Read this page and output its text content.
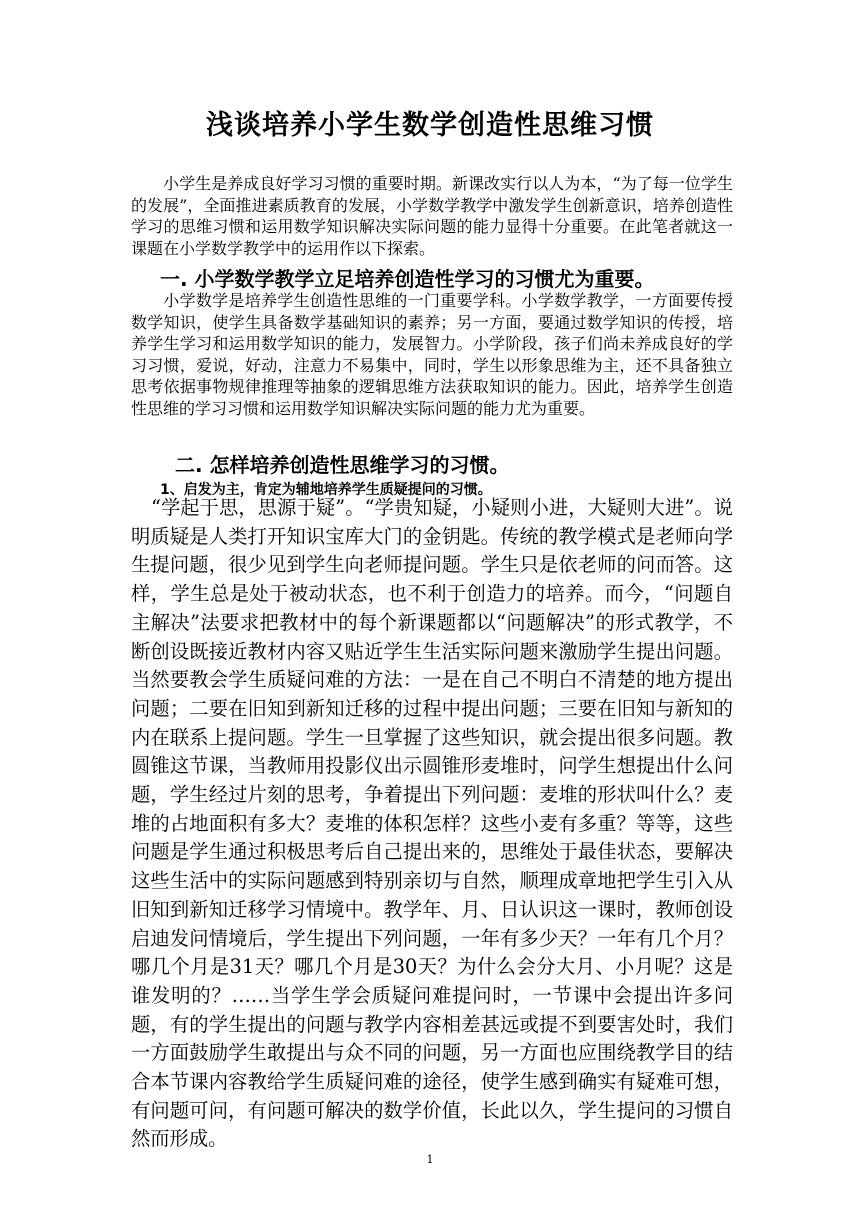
浅谈培养小学生数学创造性思维习惯

小学生是养成良好学习习惯的重要时期。新课改实行以人为本，“为了每一位学生的发展”，全面推进素质教育的发展，小学数学教学中激发学生创新意识，培养创造性学习的思维习惯和运用数学知识解决实际问题的能力显得十分重要。在此笔者就这一课题在小学数学教学中的运用作以下探索。

一. 小学数学教学立足培养创造性学习的习惯尤为重要。

小学数学是培养学生创造性思维的一门重要学科。小学数学教学，一方面要传授数学知识，使学生具备数学基础知识的素养；另一方面，要通过数学知识的传授，培养学生学习和运用数学知识的能力，发展智力。小学阶段，孩子们尚未养成良好的学习习惯，爱说，好动，注意力不易集中，同时，学生以形象思维为主，还不具备独立思考依据事物规律推理等抽象的逻辑思维方法获取知识的能力。因此，培养学生创造性思维的学习习惯和运用数学知识解决实际问题的能力尤为重要。

二. 怎样培养创造性思维学习的习惯。
1、启发为主，肯定为辅地培养学生质疑提问的习惯。

“学起于思，思源于疑”。“学贵知疑，小疑则小进，大疑则大进”。说明质疑是人类打开知识宝库大门的金钥匙。传统的教学模式是老师向学生提问题，很少见到学生向老师提问题。学生只是依老师的问而答。这样，学生总是处于被动状态，也不利于创造力的培养。而今，“问题自主解决”法要求把教材中的每个新课题都以“问题解决”的形式教学，不断创设既接近教材内容又贴近学生生活实际问题来激励学生提出问题。当然要教会学生质疑问难的方法：一是在自己不明白不清楚的地方提出问题；二要在旧知到新知迁移的过程中提出问题；三要在旧知与新知的内在联系上提问题。学生一旦掌握了这些知识，就会提出很多问题。教圆锥这节课，当教师用投影仪出示圆锥形麦堆时，问学生想提出什么问题，学生经过片刻的思考，争着提出下列问题：麦堆的形状叫什么？麦堆的占地面积有多大？麦堆的体积怎样？这些小麦有多重？等等，这些问题是学生通过积极思考后自己提出来的，思维处于最佳状态，要解决这些生活中的实际问题感到特别亲切与自然，顺理成章地把学生引入从旧知到新知迁移学习情境中。教学年、月、日认识这一课时，教师创设启迪发问情境后，学生提出下列问题，一年有多少天？一年有几个月？哪几个月是31天？哪几个月是30天？为什么会分大月、小月呢？这是谁发明的？……当学生学会质疑问难提问时，一节课中会提出许多问题，有的学生提出的问题与教学内容相差甚远或提不到要害处时，我们一方面鼓励学生敢提出与众不同的问题，另一方面也应围绕教学目的结合本节课内容教给学生质疑问难的途径，使学生感到确实有疑难可想，有问题可问，有问题可解决的数学价值，长此以久，学生提问的习惯自然而形成。

1
